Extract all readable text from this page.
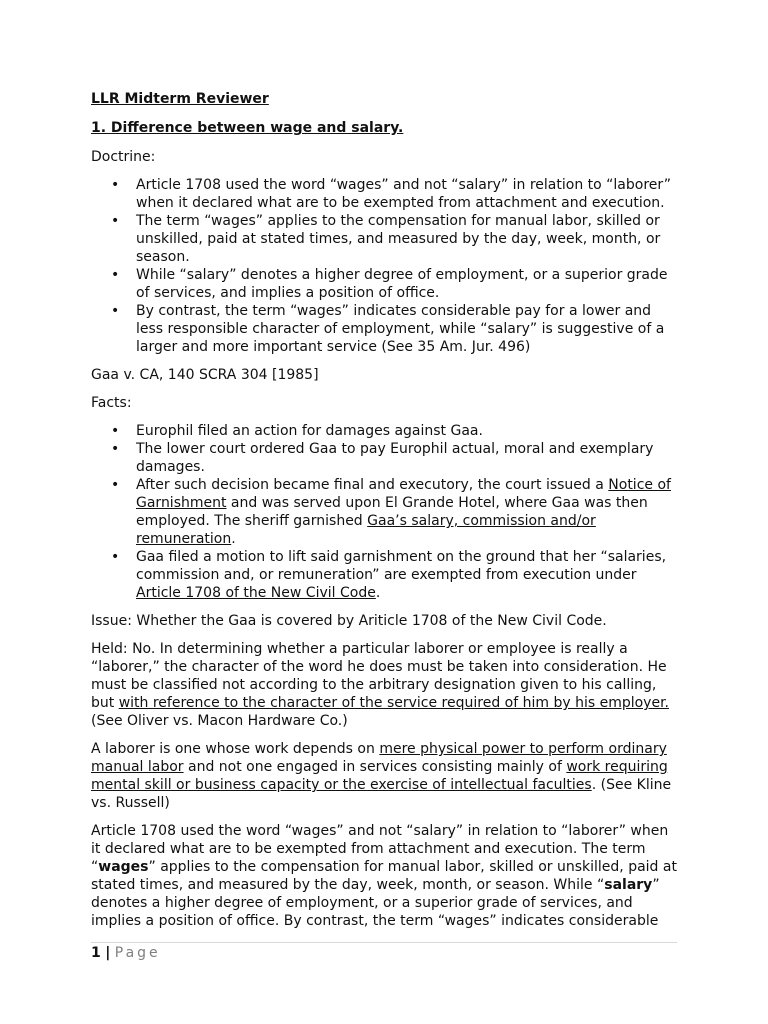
LLR Midterm Reviewer

1. Difference between wage and salary.

Doctrine:

• Article 1708 used the word “wages” and not “salary” in relation to “laborer” when it declared what are to be exempted from attachment and execution.
• The term “wages” applies to the compensation for manual labor, skilled or unskilled, paid at stated times, and measured by the day, week, month, or season.
• While “salary” denotes a higher degree of employment, or a superior grade of services, and implies a position of office.
• By contrast, the term “wages” indicates considerable pay for a lower and less responsible character of employment, while “salary” is suggestive of a larger and more important service (See 35 Am. Jur. 496)

Gaa v. CA, 140 SCRA 304 [1985]

Facts:

• Europhil filed an action for damages against Gaa.
• The lower court ordered Gaa to pay Europhil actual, moral and exemplary damages.
• After such decision became final and executory, the court issued a Notice of Garnishment and was served upon El Grande Hotel, where Gaa was then employed. The sheriff garnished Gaa’s salary, commission and/or remuneration.
• Gaa filed a motion to lift said garnishment on the ground that her “salaries, commission and, or remuneration” are exempted from execution under Article 1708 of the New Civil Code.

Issue: Whether the Gaa is covered by Ariticle 1708 of the New Civil Code.

Held: No. In determining whether a particular laborer or employee is really a “laborer,” the character of the word he does must be taken into consideration. He must be classified not according to the arbitrary designation given to his calling, but with reference to the character of the service required of him by his employer. (See Oliver vs. Macon Hardware Co.)

A laborer is one whose work depends on mere physical power to perform ordinary manual labor and not one engaged in services consisting mainly of work requiring mental skill or business capacity or the exercise of intellectual faculties. (See Kline vs. Russell)

Article 1708 used the word “wages” and not “salary” in relation to “laborer” when it declared what are to be exempted from attachment and execution. The term “wages” applies to the compensation for manual labor, skilled or unskilled, paid at stated times, and measured by the day, week, month, or season. While “salary” denotes a higher degree of employment, or a superior grade of services, and implies a position of office. By contrast, the term “wages” indicates considerable

1 | Page
